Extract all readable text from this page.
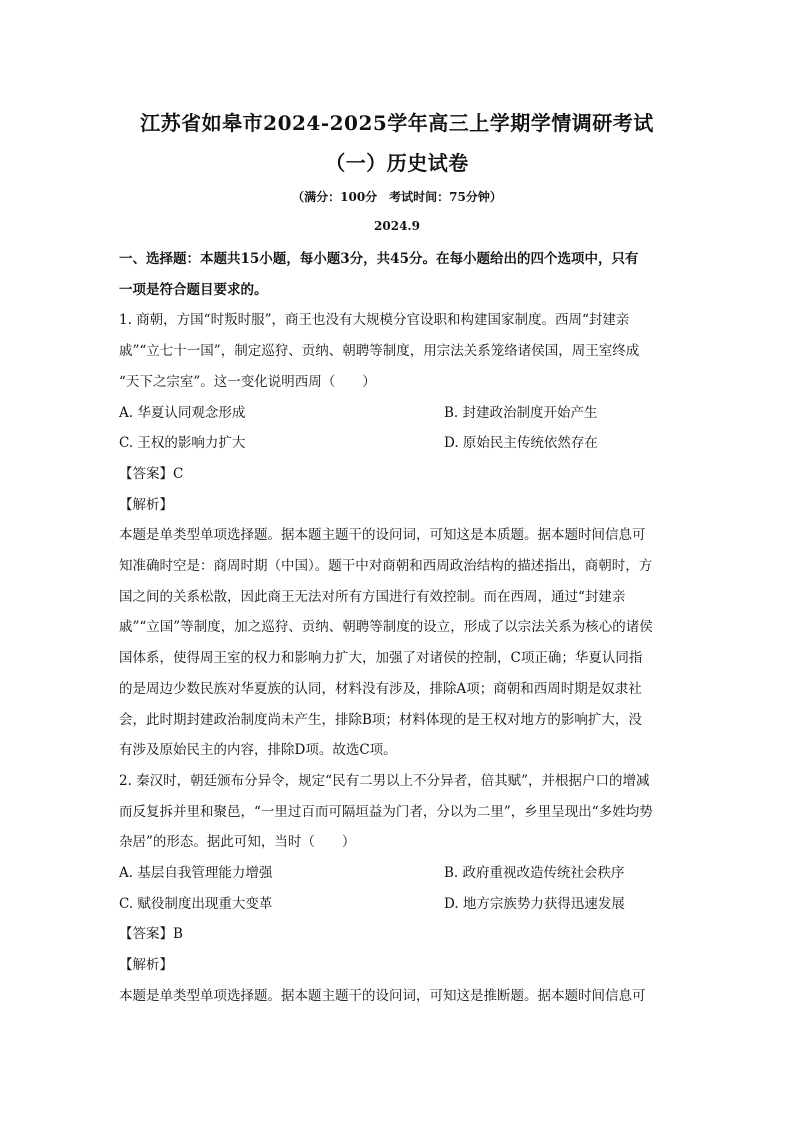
江苏省如皋市2024-2025学年高三上学期学情调研考试
（一）历史试卷
（满分：100分　考试时间：75分钟）
2024.9
一、选择题：本题共15小题，每小题3分，共45分。在每小题给出的四个选项中，只有
一项是符合题目要求的。
1. 商朝，方国“时叛时服”，商王也没有大规模分官设职和构建国家制度。西周“封建亲
戚”“立七十一国”，制定巡狩、贡纳、朝聘等制度，用宗法关系笼络诸侯国，周王室终成
“天下之宗室”。这一变化说明西周（　　）
A. 华夏认同观念形成	B. 封建政治制度开始产生
C. 王权的影响力扩大	D. 原始民主传统依然存在
【答案】C
【解析】
本题是单类型单项选择题。据本题主题干的设问词，可知这是本质题。据本题时间信息可
知准确时空是：商周时期（中国）。题干中对商朝和西周政治结构的描述指出，商朝时，方
国之间的关系松散，因此商王无法对所有方国进行有效控制。而在西周，通过“封建亲
戚”“立国”等制度，加之巡狩、贡纳、朝聘等制度的设立，形成了以宗法关系为核心的诸侯
国体系，使得周王室的权力和影响力扩大，加强了对诸侯的控制，C项正确；华夏认同指
的是周边少数民族对华夏族的认同，材料没有涉及，排除A项；商朝和西周时期是奴隶社
会，此时期封建政治制度尚未产生，排除B项；材料体现的是王权对地方的影响扩大，没
有涉及原始民主的内容，排除D项。故选C项。
2. 秦汉时，朝廷颁布分异令，规定“民有二男以上不分异者，倍其赋”，并根据户口的增减
而反复拆并里和聚邑，“一里过百而可隔垣益为门者，分以为二里”，乡里呈现出“多姓均势
杂居”的形态。据此可知，当时（　　）
A. 基层自我管理能力增强	B. 政府重视改造传统社会秩序
C. 赋役制度出现重大变革	D. 地方宗族势力获得迅速发展
【答案】B
【解析】
本题是单类型单项选择题。据本题主题干的设问词，可知这是推断题。据本题时间信息可
